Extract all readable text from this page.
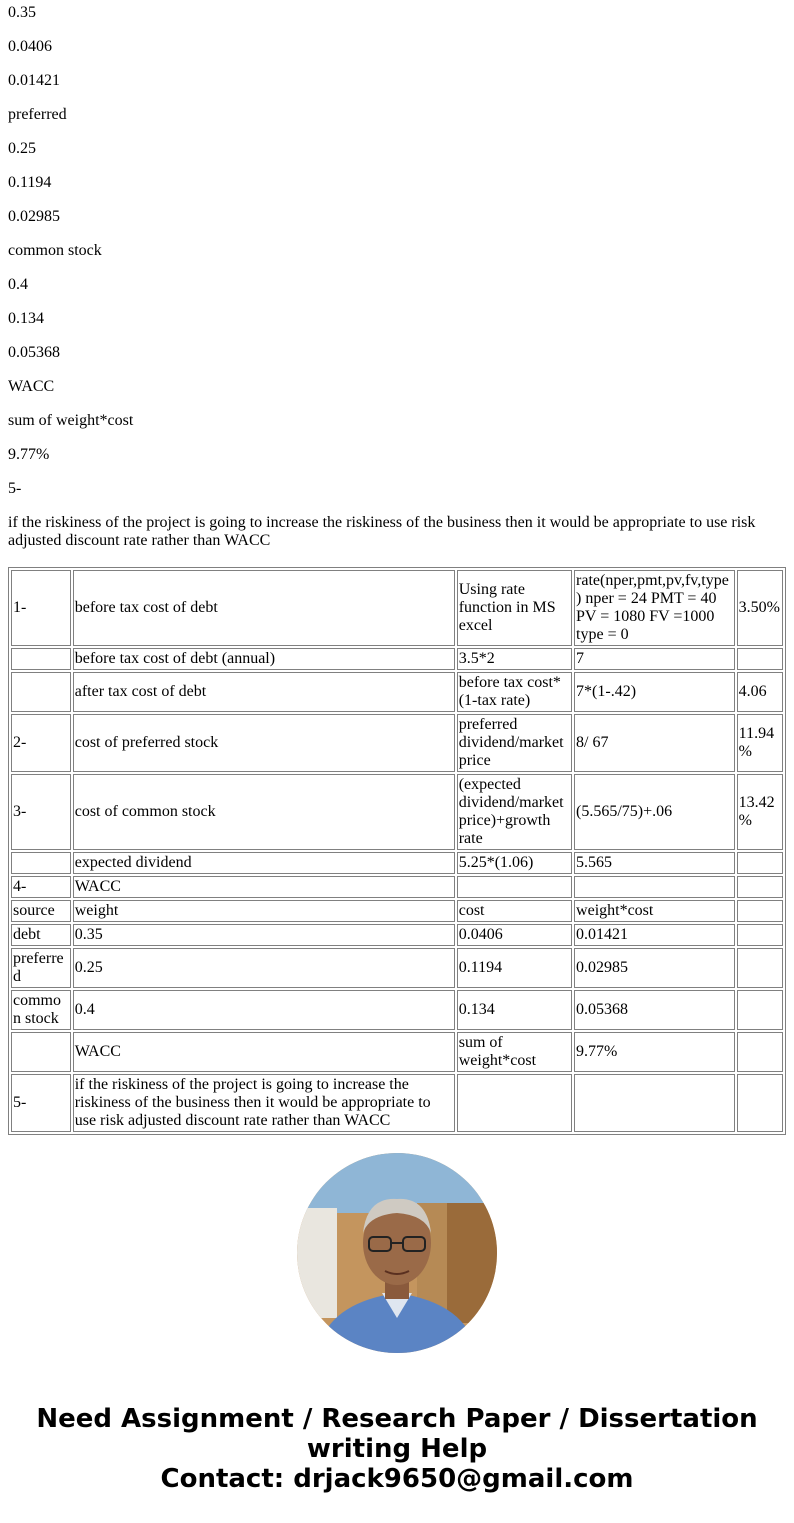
0.35

0.0406

0.01421

preferred

0.25

0.1194

0.02985

common stock

0.4

0.134

0.05368

WACC

sum of weight*cost

9.77%

5-

if the riskiness of the project is going to increase the riskiness of the business then it would be appropriate to use risk adjusted discount rate rather than WACC

1-	before tax cost of debt	Using rate function in MS excel	rate(nper,pmt,pv,fv,type) nper = 24 PMT = 40 PV = 1080 FV =1000 type = 0	3.50%
	before tax cost of debt (annual)	3.5*2	7	
	after tax cost of debt	before tax cost*(1-tax rate)	7*(1-.42)	4.06
2-	cost of preferred stock	preferred dividend/market price	8/ 67	11.94%
3-	cost of common stock	(expected dividend/market price)+growth rate	(5.565/75)+.06	13.42%
	expected dividend	5.25*(1.06)	5.565	
4-	WACC			
source	weight	cost	weight*cost	
debt	0.35	0.0406	0.01421	
preferred	0.25	0.1194	0.02985	
common stock	0.4	0.134	0.05368	
	WACC	sum of weight*cost	9.77%	
5-	if the riskiness of the project is going to increase the riskiness of the business then it would be appropriate to use risk adjusted discount rate rather than WACC			
Need Assignment / Research Paper / Dissertation
writing Help
Contact: drjack9650@gmail.com
